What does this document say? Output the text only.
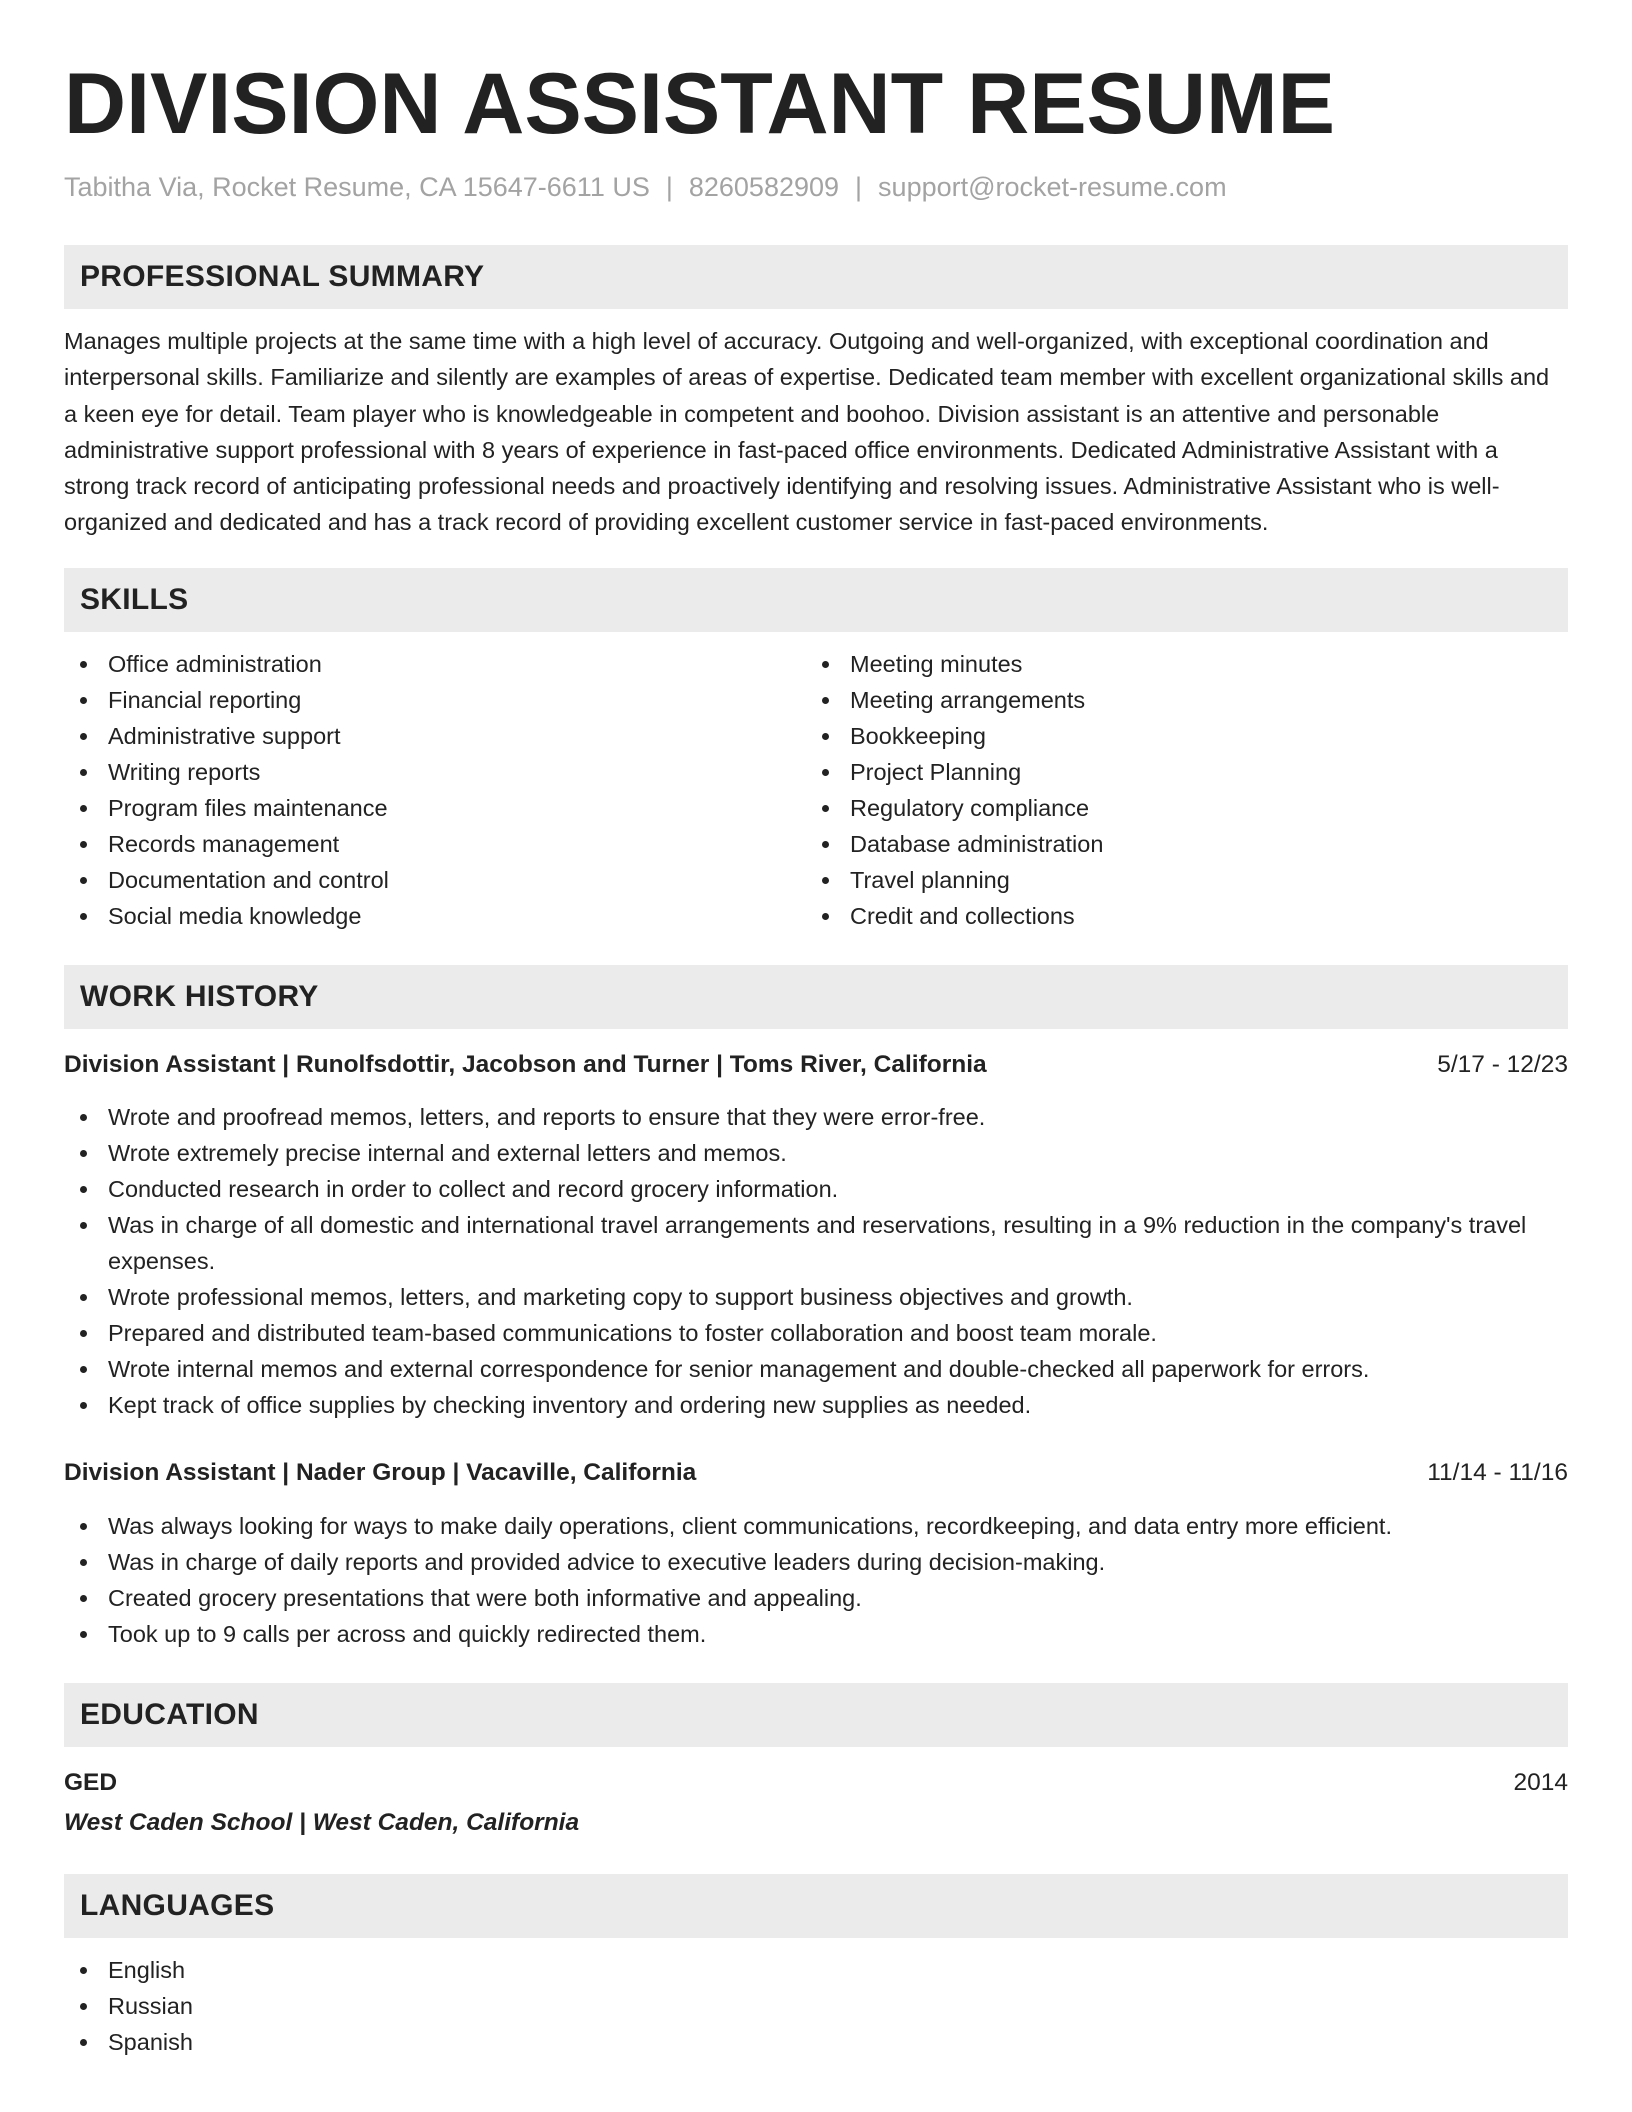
DIVISION ASSISTANT RESUME
Tabitha Via, Rocket Resume, CA 15647-6611 US | 8260582909 | support@rocket-resume.com
PROFESSIONAL SUMMARY

Manages multiple projects at the same time with a high level of accuracy. Outgoing and well-organized, with exceptional coordination and interpersonal skills. Familiarize and silently are examples of areas of expertise. Dedicated team member with excellent organizational skills and a keen eye for detail. Team player who is knowledgeable in competent and boohoo. Division assistant is an attentive and personable administrative support professional with 8 years of experience in fast-paced office environments. Dedicated Administrative Assistant with a strong track record of anticipating professional needs and proactively identifying and resolving issues. Administrative Assistant who is well-organized and dedicated and has a track record of providing excellent customer service in fast-paced environments.

SKILLS
Office administration
Financial reporting
Administrative support
Writing reports
Program files maintenance
Records management
Documentation and control
Social media knowledge
Meeting minutes
Meeting arrangements
Bookkeeping
Project Planning
Regulatory compliance
Database administration
Travel planning
Credit and collections
WORK HISTORY
Division Assistant | Runolfsdottir, Jacobson and Turner | Toms River, California	5/17 - 12/23
Wrote and proofread memos, letters, and reports to ensure that they were error-free.
Wrote extremely precise internal and external letters and memos.
Conducted research in order to collect and record grocery information.
Was in charge of all domestic and international travel arrangements and reservations, resulting in a 9% reduction in the company's travel expenses.
Wrote professional memos, letters, and marketing copy to support business objectives and growth.
Prepared and distributed team-based communications to foster collaboration and boost team morale.
Wrote internal memos and external correspondence for senior management and double-checked all paperwork for errors.
Kept track of office supplies by checking inventory and ordering new supplies as needed.
Division Assistant | Nader Group | Vacaville, California	11/14 - 11/16
Was always looking for ways to make daily operations, client communications, recordkeeping, and data entry more efficient.
Was in charge of daily reports and provided advice to executive leaders during decision-making.
Created grocery presentations that were both informative and appealing.
Took up to 9 calls per across and quickly redirected them.
EDUCATION
GED	2014
West Caden School | West Caden, California
LANGUAGES
English
Russian
Spanish
